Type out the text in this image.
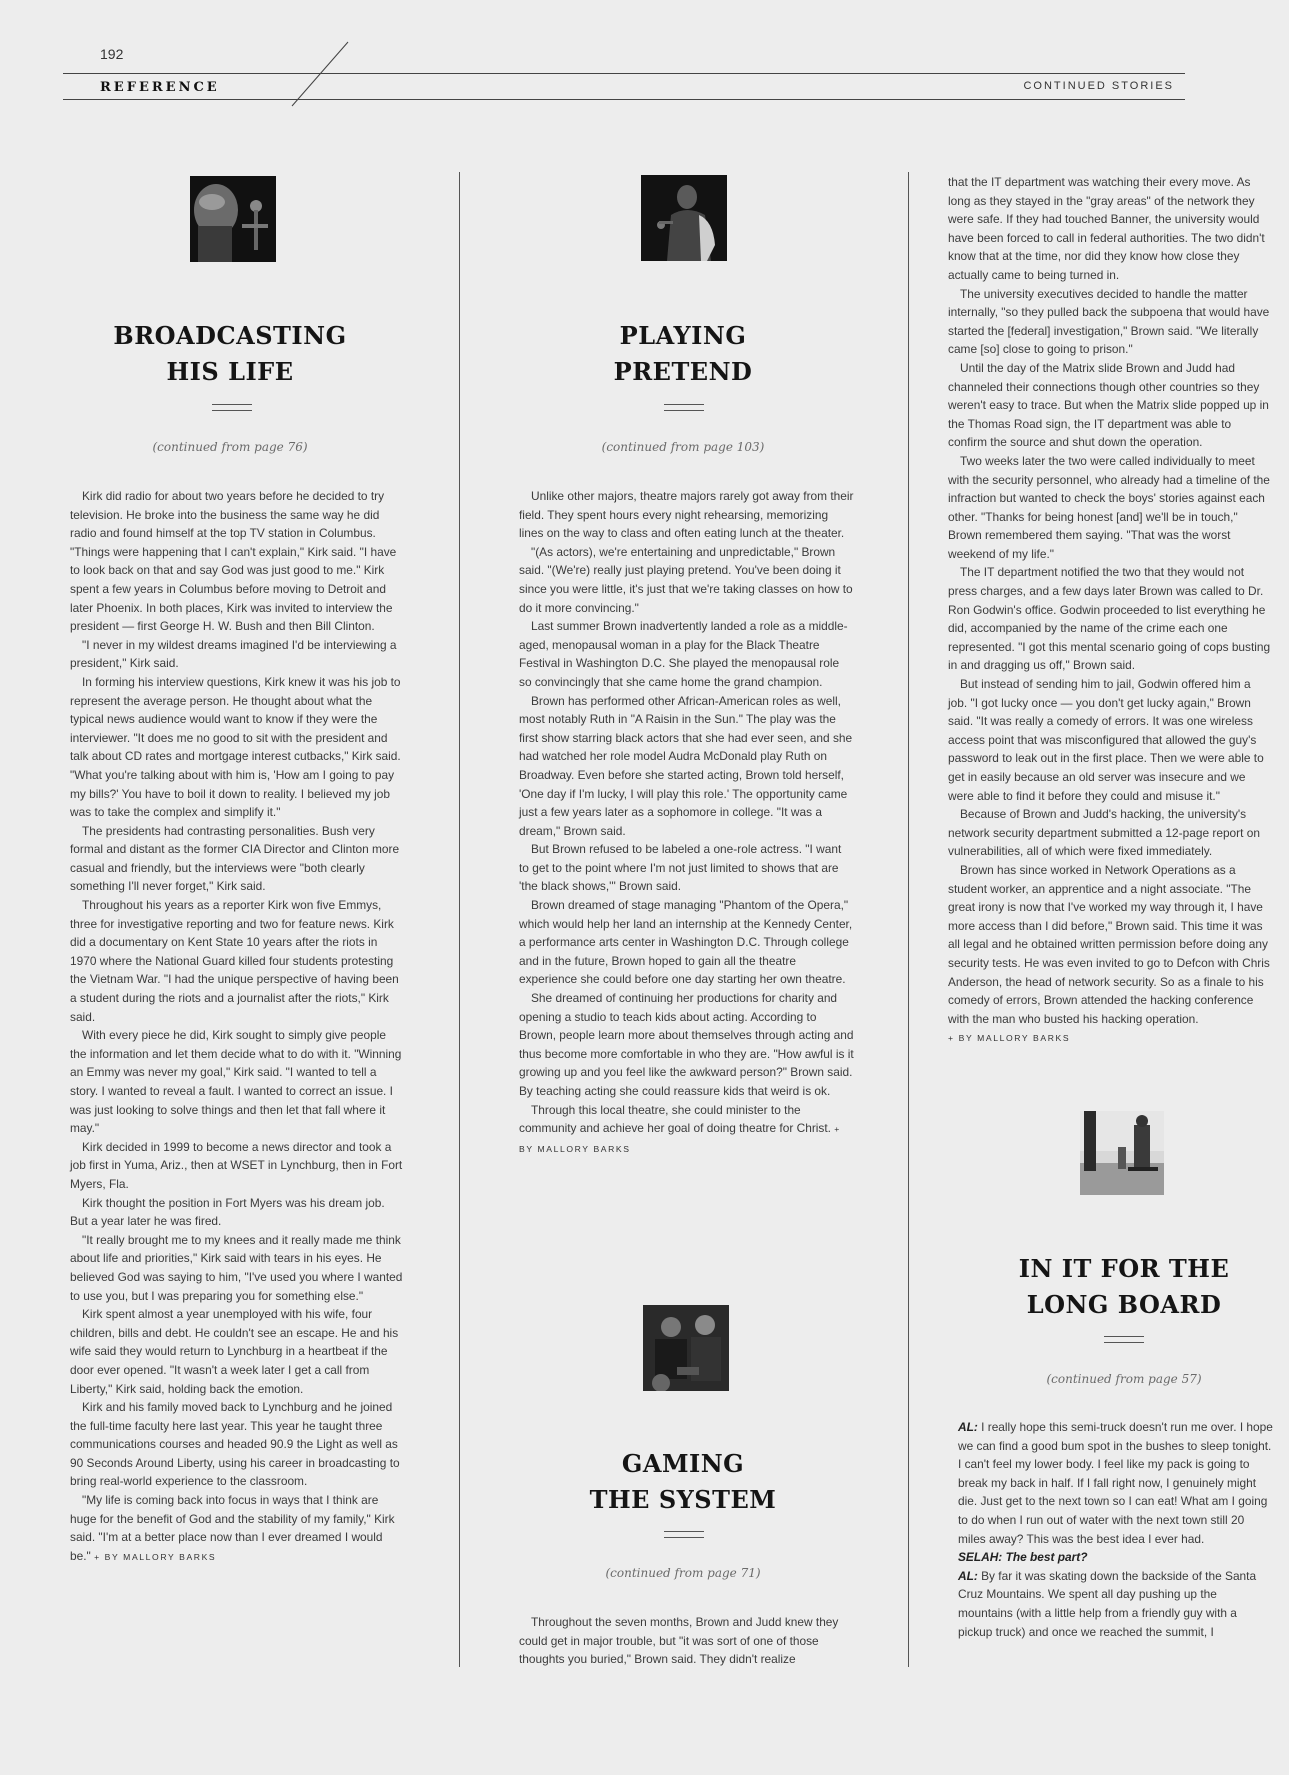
192
REFERENCE	CONTINUED STORIES
BROADCASTING
HIS LIFE
(continued from page 76)

Kirk did radio for about two years before he decided to try television. He broke into the business the same way he did radio and found himself at the top TV station in Columbus. "Things were happening that I can't explain," Kirk said. "I have to look back on that and say God was just good to me." Kirk spent a few years in Columbus before moving to Detroit and later Phoenix. In both places, Kirk was invited to interview the president — first George H. W. Bush and then Bill Clinton.

"I never in my wildest dreams imagined I'd be interviewing a president," Kirk said.

In forming his interview questions, Kirk knew it was his job to represent the average person. He thought about what the typical news audience would want to know if they were the interviewer. "It does me no good to sit with the president and talk about CD rates and mortgage interest cutbacks," Kirk said. "What you're talking about with him is, 'How am I going to pay my bills?' You have to boil it down to reality. I believed my job was to take the complex and simplify it."

The presidents had contrasting personalities. Bush very formal and distant as the former CIA Director and Clinton more casual and friendly, but the interviews were "both clearly something I'll never forget," Kirk said.

Throughout his years as a reporter Kirk won five Emmys, three for investigative reporting and two for feature news. Kirk did a documentary on Kent State 10 years after the riots in 1970 where the National Guard killed four students protesting the Vietnam War. "I had the unique perspective of having been a student during the riots and a journalist after the riots," Kirk said.

With every piece he did, Kirk sought to simply give people the information and let them decide what to do with it. "Winning an Emmy was never my goal," Kirk said. "I wanted to tell a story. I wanted to reveal a fault. I wanted to correct an issue. I was just looking to solve things and then let that fall where it may."

Kirk decided in 1999 to become a news director and took a job first in Yuma, Ariz., then at WSET in Lynchburg, then in Fort Myers, Fla.

Kirk thought the position in Fort Myers was his dream job. But a year later he was fired.

"It really brought me to my knees and it really made me think about life and priorities," Kirk said with tears in his eyes. He believed God was saying to him, "I've used you where I wanted to use you, but I was preparing you for something else."

Kirk spent almost a year unemployed with his wife, four children, bills and debt. He couldn't see an escape. He and his wife said they would return to Lynchburg in a heartbeat if the door ever opened. "It wasn't a week later I get a call from Liberty," Kirk said, holding back the emotion.

Kirk and his family moved back to Lynchburg and he joined the full-time faculty here last year. This year he taught three communications courses and headed 90.9 the Light as well as 90 Seconds Around Liberty, using his career in broadcasting to bring real-world experience to the classroom.

"My life is coming back into focus in ways that I think are huge for the benefit of God and the stability of my family," Kirk said. "I'm at a better place now than I ever dreamed I would be." + BY MALLORY BARKS

PLAYING
PRETEND
(continued from page 103)

Unlike other majors, theatre majors rarely got away from their field. They spent hours every night rehearsing, memorizing lines on the way to class and often eating lunch at the theater.

"(As actors), we're entertaining and unpredictable," Brown said. "(We're) really just playing pretend. You've been doing it since you were little, it's just that we're taking classes on how to do it more convincing."

Last summer Brown inadvertently landed a role as a middle-aged, menopausal woman in a play for the Black Theatre Festival in Washington D.C. She played the menopausal role so convincingly that she came home the grand champion.

Brown has performed other African-American roles as well, most notably Ruth in "A Raisin in the Sun." The play was the first show starring black actors that she had ever seen, and she had watched her role model Audra McDonald play Ruth on Broadway. Even before she started acting, Brown told herself, 'One day if I'm lucky, I will play this role.' The opportunity came just a few years later as a sophomore in college. "It was a dream," Brown said.

But Brown refused to be labeled a one-role actress. "I want to get to the point where I'm not just limited to shows that are 'the black shows,'" Brown said.

Brown dreamed of stage managing "Phantom of the Opera," which would help her land an internship at the Kennedy Center, a performance arts center in Washington D.C. Through college and in the future, Brown hoped to gain all the theatre experience she could before one day starting her own theatre.

She dreamed of continuing her productions for charity and opening a studio to teach kids about acting. According to Brown, people learn more about themselves through acting and thus become more comfortable in who they are. "How awful is it growing up and you feel like the awkward person?" Brown said. By teaching acting she could reassure kids that weird is ok.

Through this local theatre, she could minister to the community and achieve her goal of doing theatre for Christ. + BY MALLORY BARKS

GAMING
THE SYSTEM
(continued from page 71)

Throughout the seven months, Brown and Judd knew they could get in major trouble, but "it was sort of one of those thoughts you buried," Brown said. They didn't realize

that the IT department was watching their every move. As long as they stayed in the "gray areas" of the network they were safe. If they had touched Banner, the university would have been forced to call in federal authorities. The two didn't know that at the time, nor did they know how close they actually came to being turned in.

The university executives decided to handle the matter internally, "so they pulled back the subpoena that would have started the [federal] investigation," Brown said. "We literally came [so] close to going to prison."

Until the day of the Matrix slide Brown and Judd had channeled their connections though other countries so they weren't easy to trace. But when the Matrix slide popped up in the Thomas Road sign, the IT department was able to confirm the source and shut down the operation.

Two weeks later the two were called individually to meet with the security personnel, who already had a timeline of the infraction but wanted to check the boys' stories against each other. "Thanks for being honest [and] we'll be in touch," Brown remembered them saying. "That was the worst weekend of my life."

The IT department notified the two that they would not press charges, and a few days later Brown was called to Dr. Ron Godwin's office. Godwin proceeded to list everything he did, accompanied by the name of the crime each one represented. "I got this mental scenario going of cops busting in and dragging us off," Brown said.

But instead of sending him to jail, Godwin offered him a job. "I got lucky once — you don't get lucky again," Brown said. "It was really a comedy of errors. It was one wireless access point that was misconfigured that allowed the guy's password to leak out in the first place. Then we were able to get in easily because an old server was insecure and we were able to find it before they could and misuse it."

Because of Brown and Judd's hacking, the university's network security department submitted a 12-page report on vulnerabilities, all of which were fixed immediately.

Brown has since worked in Network Operations as a student worker, an apprentice and a night associate. "The great irony is now that I've worked my way through it, I have more access than I did before," Brown said. This time it was all legal and he obtained written permission before doing any security tests. He was even invited to go to Defcon with Chris Anderson, the head of network security. So as a finale to his comedy of errors, Brown attended the hacking conference with the man who busted his hacking operation.

+ BY MALLORY BARKS

IN IT FOR THE
LONG BOARD
(continued from page 57)

AL: I really hope this semi-truck doesn't run me over. I hope we can find a good bum spot in the bushes to sleep tonight. I can't feel my lower body. I feel like my pack is going to break my back in half. If I fall right now, I genuinely might die. Just get to the next town so I can eat! What am I going to do when I run out of water with the next town still 20 miles away? This was the best idea I ever had.

SELAH: The best part?

AL: By far it was skating down the backside of the Santa Cruz Mountains. We spent all day pushing up the mountains (with a little help from a friendly guy with a pickup truck) and once we reached the summit, I
